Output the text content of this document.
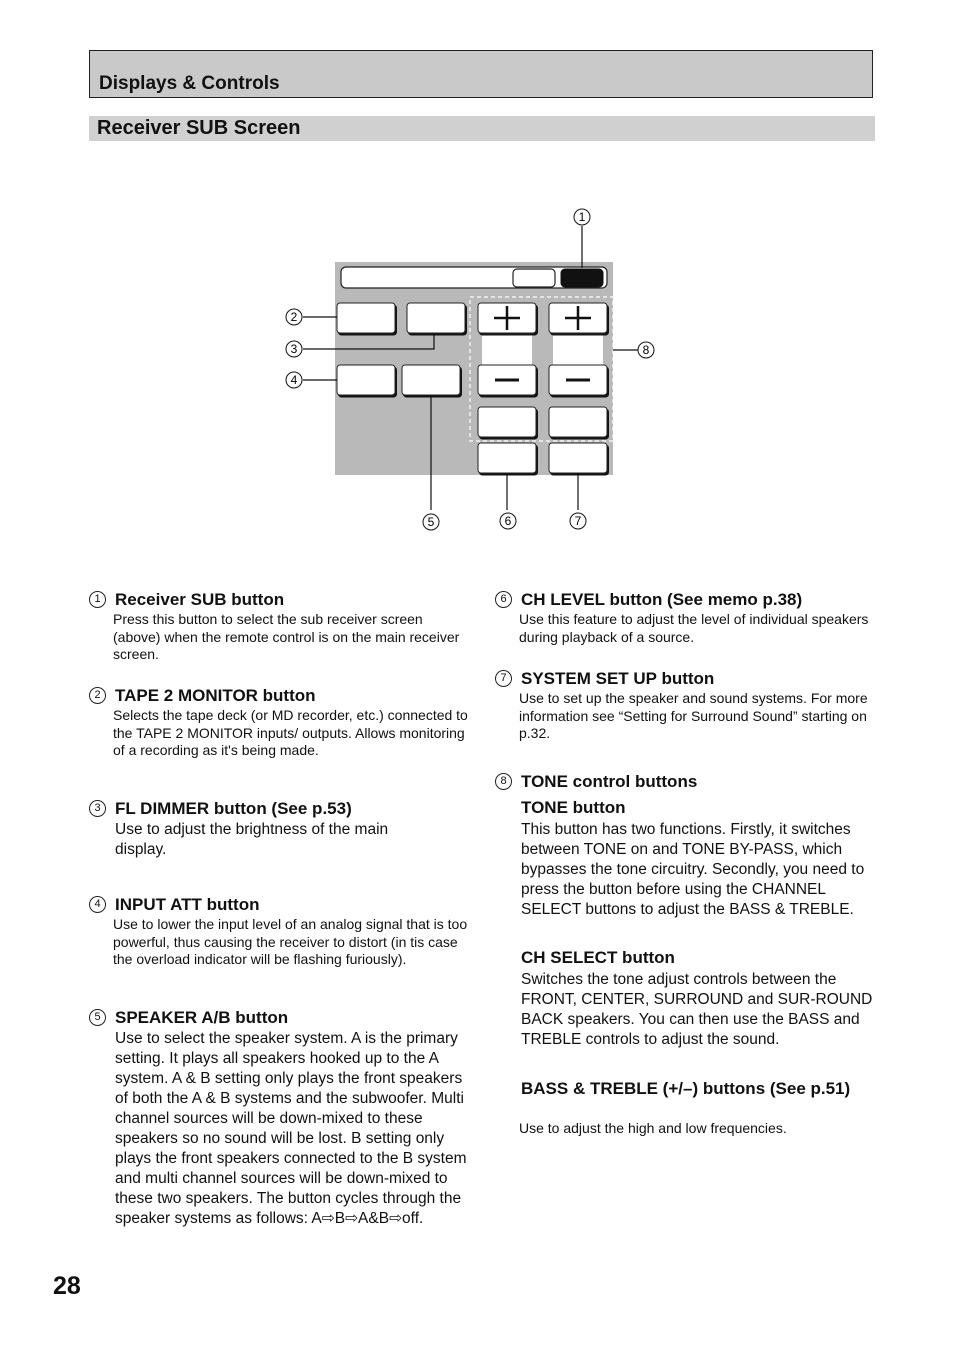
Displays & Controls
Receiver SUB Screen
1
2
3
4
5	6	7
8
1 Receiver SUB button
Press this button to select the sub receiver screen (above) when the remote control is on the main receiver screen.
2 TAPE 2 MONITOR button
Selects the tape deck (or MD recorder, etc.) connected to the TAPE 2 MONITOR inputs/ outputs. Allows monitoring of a recording as it's being made.
3 FL DIMMER button (See p.53)
Use to adjust the brightness of the main display.
4 INPUT ATT button
Use to lower the input level of an analog signal that is too powerful, thus causing the receiver to distort (in tis case the overload indicator will be flashing furiously).
5 SPEAKER A/B button
Use to select the speaker system. A is the primary setting. It plays all speakers hooked up to the A system. A & B setting only plays the front speakers of both the A & B systems and the subwoofer. Multi channel sources will be down-mixed to these speakers so no sound will be lost. B setting only plays the front speakers connected to the B system and multi channel sources will be down-mixed to these two speakers. The button cycles through the speaker systems as follows: A⇨B⇨A&B⇨off.
6 CH LEVEL button (See memo p.38)
Use this feature to adjust the level of individual speakers during playback of a source.
7 SYSTEM SET UP button
Use to set up the speaker and sound systems. For more information see “Setting for Surround Sound” starting on p.32.
8 TONE control buttons
TONE button
This button has two functions. Firstly, it switches between TONE on and TONE BY-PASS, which bypasses the tone circuitry. Secondly, you need to press the button before using the CHANNEL SELECT buttons to adjust the BASS & TREBLE.
CH SELECT button
Switches the tone adjust controls between the FRONT, CENTER, SURROUND and SUR-ROUND BACK speakers. You can then use the BASS and TREBLE controls to adjust the sound.
BASS & TREBLE (+/–) buttons (See p.51)
Use to adjust the high and low frequencies.
28
